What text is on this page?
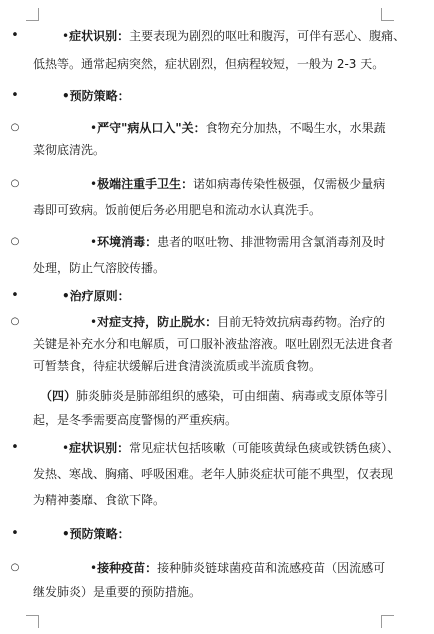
•	•症状识别：主要表现为剧烈的呕吐和腹泻，可伴有恶心、腹痛、
低热等。通常起病突然，症状剧烈，但病程较短，一般为 2-3 天。
•	•预防策略：
○	•严守"病从口入"关：食物充分加热，不喝生水，水果蔬
菜彻底清洗。
○	•极端注重手卫生：诺如病毒传染性极强，仅需极少量病
毒即可致病。饭前便后务必用肥皂和流动水认真洗手。
○	•环境消毒：患者的呕吐物、排泄物需用含氯消毒剂及时
处理，防止气溶胶传播。
•	•治疗原则：
○	•对症支持，防止脱水：目前无特效抗病毒药物。治疗的
关键是补充水分和电解质，可口服补液盐溶液。呕吐剧烈无法进食者
可暂禁食，待症状缓解后进食清淡流质或半流质食物。
（四）肺炎肺炎是肺部组织的感染，可由细菌、病毒或支原体等引
起，是冬季需要高度警惕的严重疾病。
•	•症状识别：常见症状包括咳嗽（可能咳黄绿色痰或铁锈色痰）、
发热、寒战、胸痛、呼吸困难。老年人肺炎症状可能不典型，仅表现
为精神萎靡、食欲下降。
•	•预防策略：
○	•接种疫苗：接种肺炎链球菌疫苗和流感疫苗（因流感可
继发肺炎）是重要的预防措施。
